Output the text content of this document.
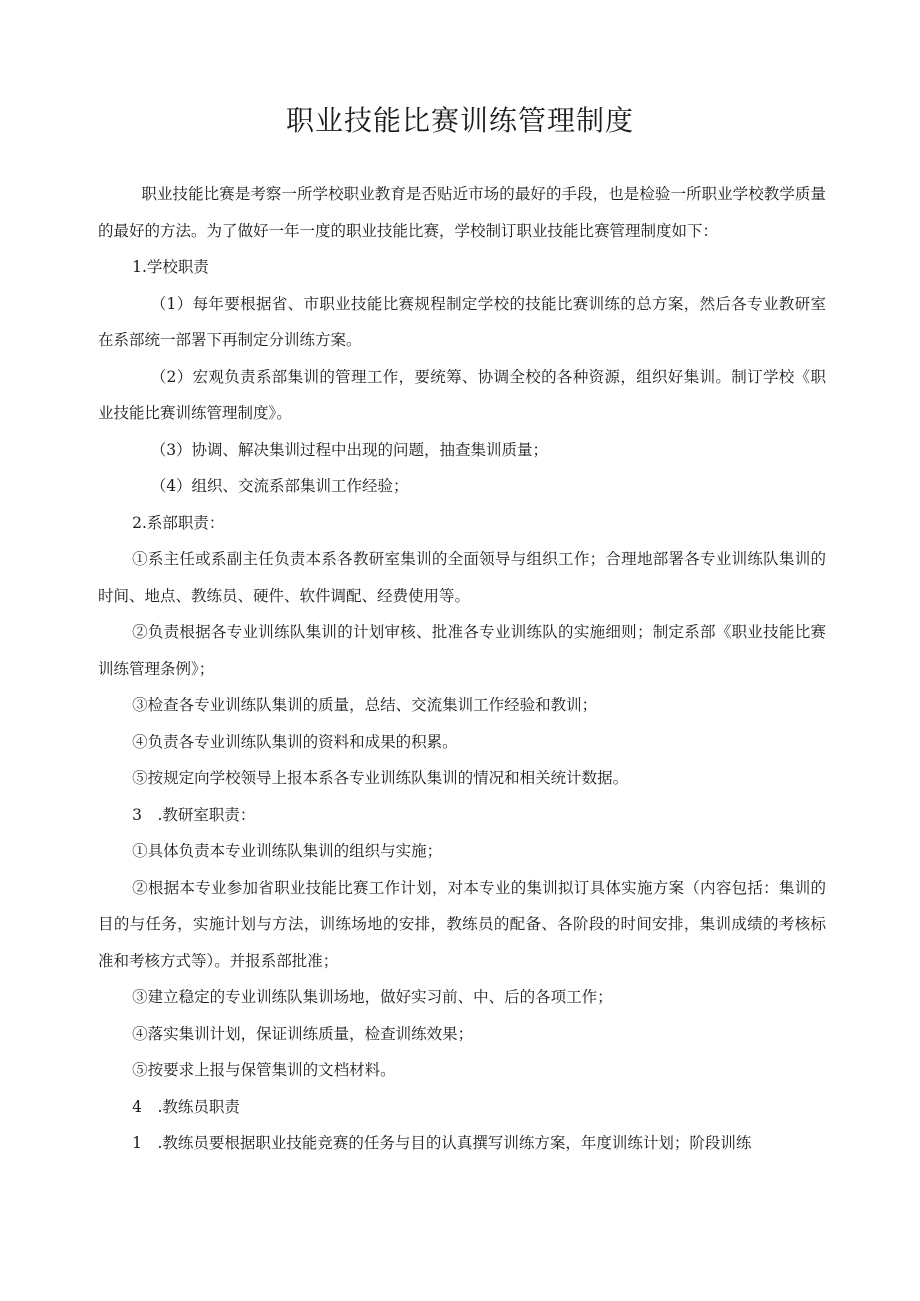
职业技能比赛训练管理制度

职业技能比赛是考察一所学校职业教育是否贴近市场的最好的手段，也是检验一所职业学校教学质量的最好的方法。为了做好一年一度的职业技能比赛，学校制订职业技能比赛管理制度如下：

1.学校职责

（1）每年要根据省、市职业技能比赛规程制定学校的技能比赛训练的总方案，然后各专业教研室在系部统一部署下再制定分训练方案。

（2）宏观负责系部集训的管理工作，要统筹、协调全校的各种资源，组织好集训。制订学校《职业技能比赛训练管理制度》。

（3）协调、解决集训过程中出现的问题，抽查集训质量；

（4）组织、交流系部集训工作经验；

2.系部职责：

①系主任或系副主任负责本系各教研室集训的全面领导与组织工作；合理地部署各专业训练队集训的时间、地点、教练员、硬件、软件调配、经费使用等。

②负责根据各专业训练队集训的计划审核、批准各专业训练队的实施细则；制定系部《职业技能比赛训练管理条例》；

③检查各专业训练队集训的质量，总结、交流集训工作经验和教训；

④负责各专业训练队集训的资料和成果的积累。

⑤按规定向学校领导上报本系各专业训练队集训的情况和相关统计数据。

3　.教研室职责：

①具体负责本专业训练队集训的组织与实施；

②根据本专业参加省职业技能比赛工作计划，对本专业的集训拟订具体实施方案（内容包括：集训的目的与任务，实施计划与方法，训练场地的安排，教练员的配备、各阶段的时间安排，集训成绩的考核标准和考核方式等）。并报系部批准；

③建立稳定的专业训练队集训场地，做好实习前、中、后的各项工作；

④落实集训计划，保证训练质量，检查训练效果；

⑤按要求上报与保管集训的文档材料。

4　.教练员职责

1　.教练员要根据职业技能竞赛的任务与目的认真撰写训练方案，年度训练计划；阶段训练
